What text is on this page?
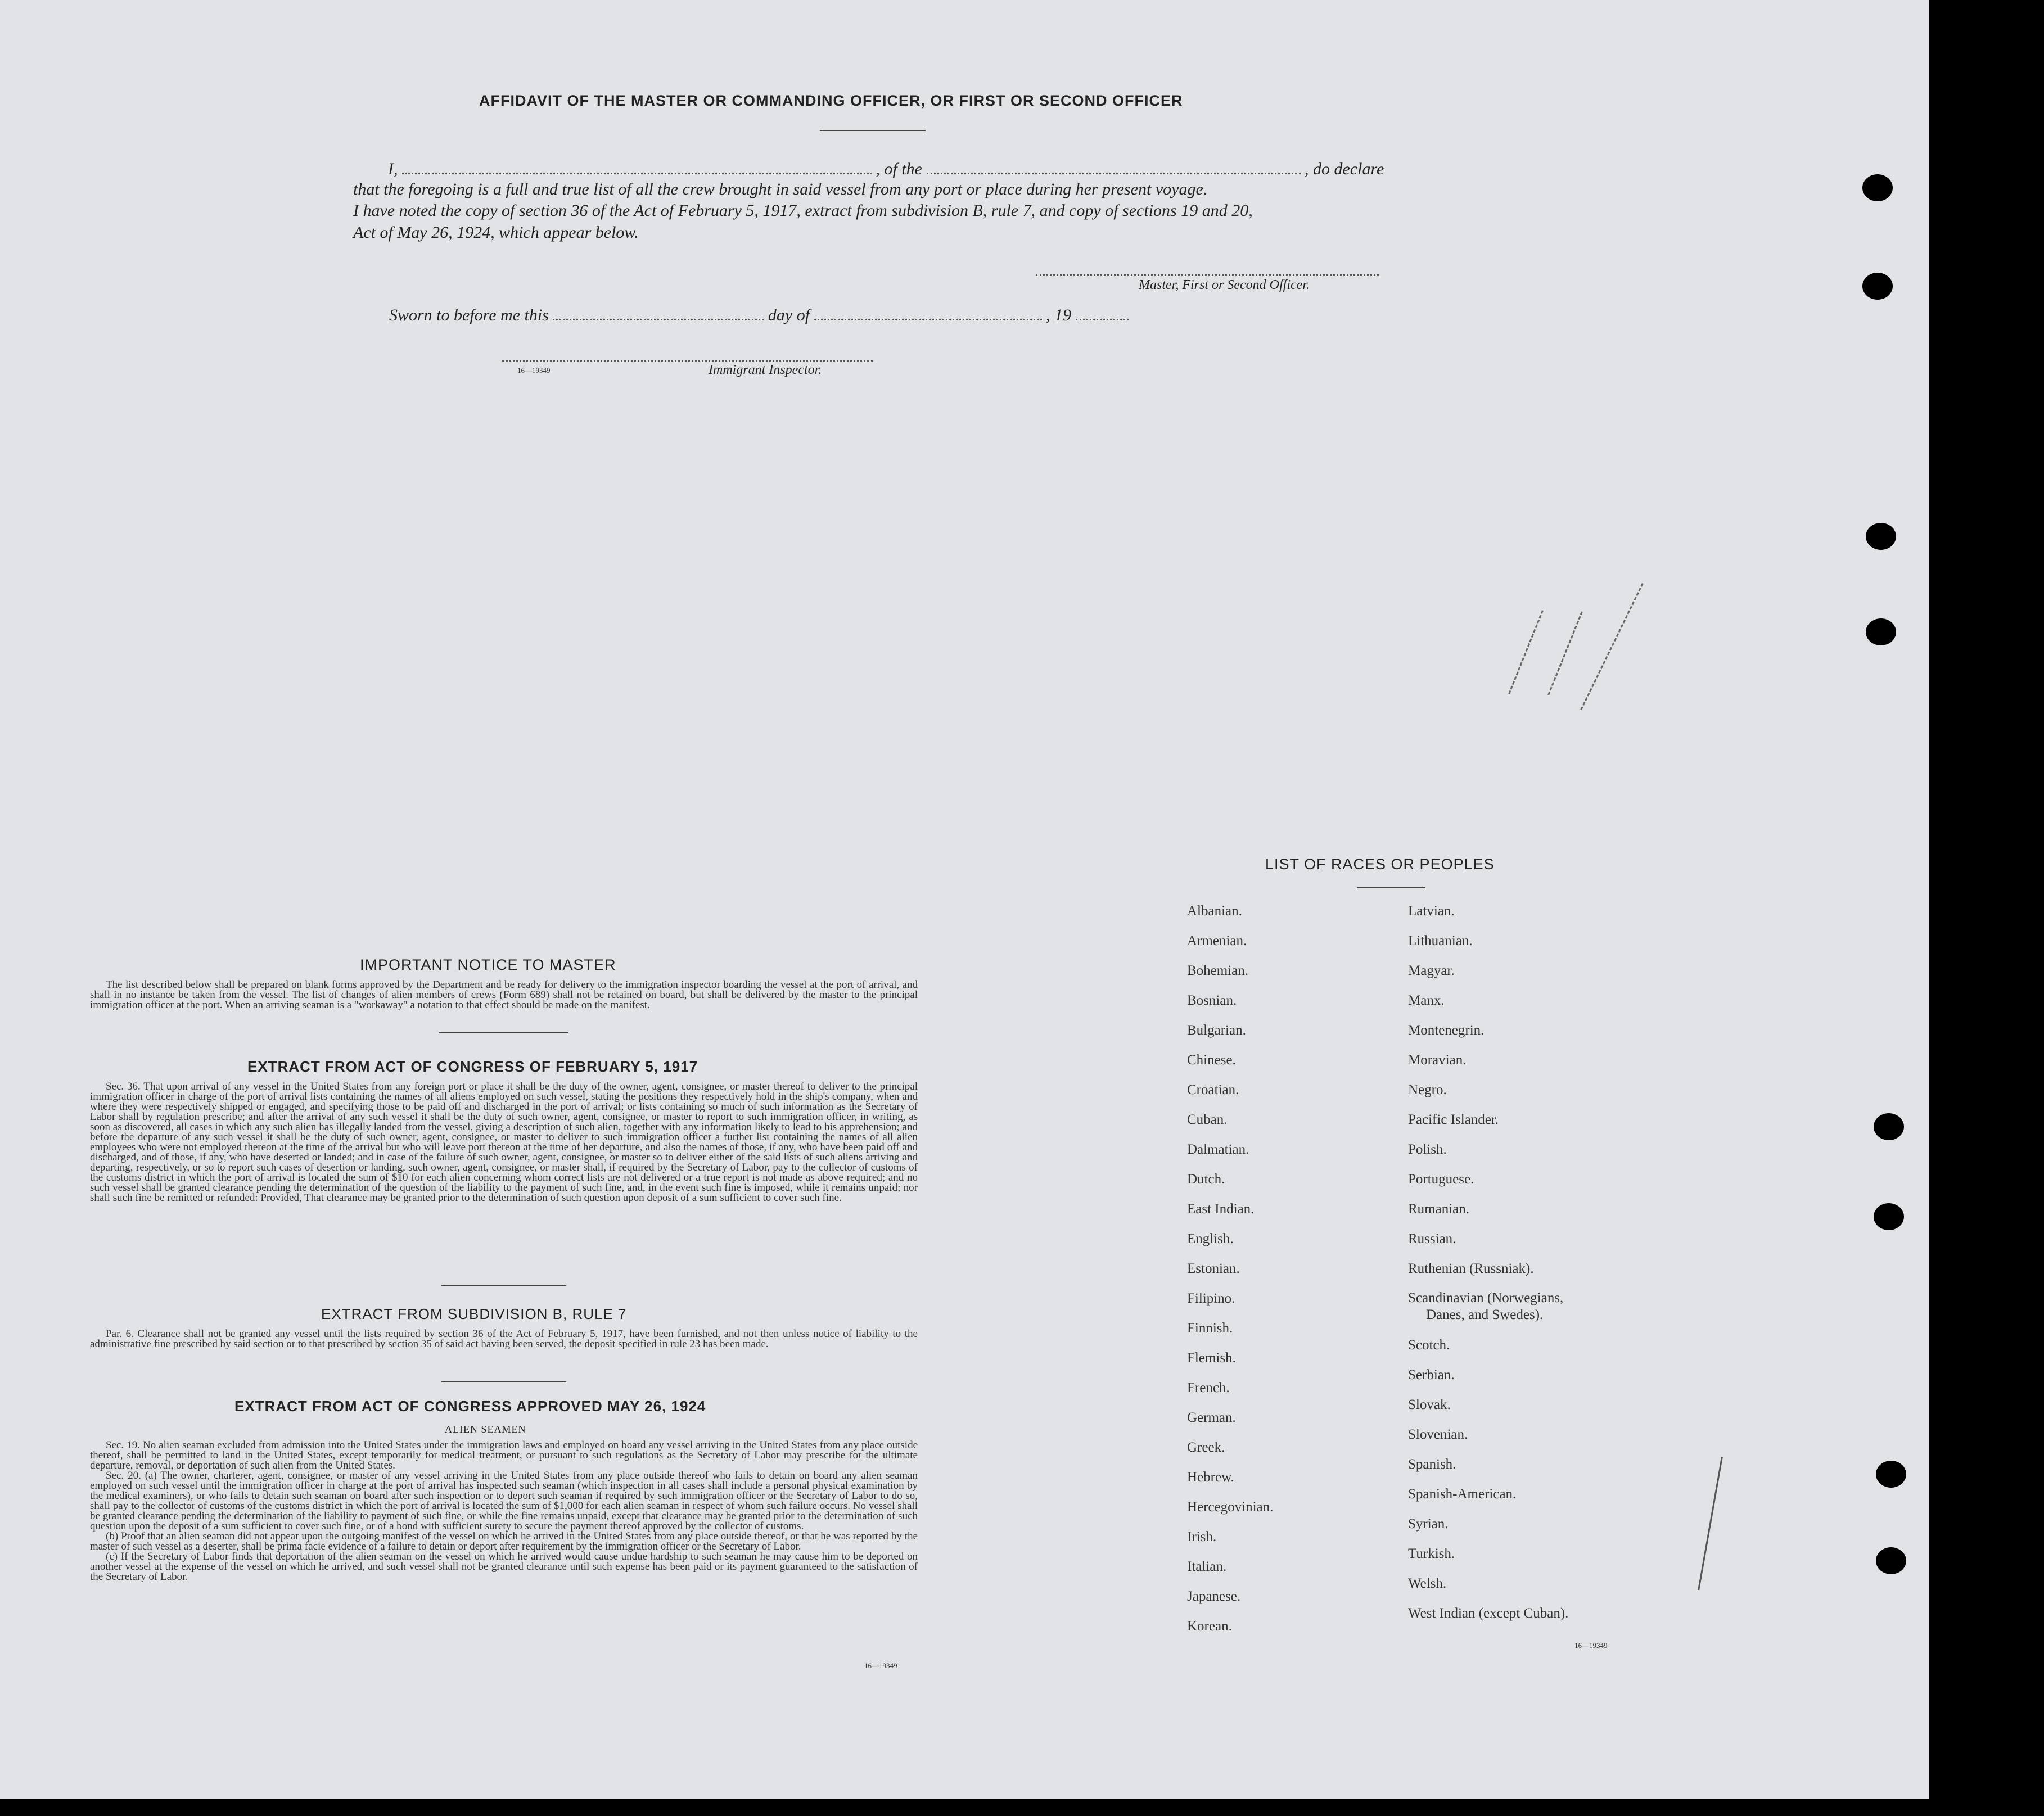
AFFIDAVIT OF THE MASTER OR COMMANDING OFFICER, OR FIRST OR SECOND OFFICER
I,	, of the	, do declare
that the foregoing is a full and true list of all the crew brought in said vessel from any port or place during her present voyage.
I have noted the copy of section 36 of the Act of February 5, 1917, extract from subdivision B, rule 7, and copy of sections 19 and 20,
Act of May 26, 1924, which appear below.
Master, First or Second Officer.
Sworn to before me this	day of	, 19
16—19349	Immigrant Inspector.
IMPORTANT NOTICE TO MASTER

The list described below shall be prepared on blank forms approved by the Department and be ready for delivery to the immigration inspector boarding the vessel at the port of arrival, and shall in no instance be taken from the vessel. The list of changes of alien members of crews (Form 689) shall not be retained on board, but shall be delivered by the master to the principal immigration officer at the port. When an arriving seaman is a "workaway" a notation to that effect should be made on the manifest.

EXTRACT FROM ACT OF CONGRESS OF FEBRUARY 5, 1917

Sec. 36. That upon arrival of any vessel in the United States from any foreign port or place it shall be the duty of the owner, agent, consignee, or master thereof to deliver to the principal immigration officer in charge of the port of arrival lists containing the names of all aliens employed on such vessel, stating the positions they respectively hold in the ship's company, when and where they were respectively shipped or engaged, and specifying those to be paid off and discharged in the port of arrival; or lists containing so much of such information as the Secretary of Labor shall by regulation prescribe; and after the arrival of any such vessel it shall be the duty of such owner, agent, consignee, or master to report to such immigration officer, in writing, as soon as discovered, all cases in which any such alien has illegally landed from the vessel, giving a description of such alien, together with any information likely to lead to his apprehension; and before the departure of any such vessel it shall be the duty of such owner, agent, consignee, or master to deliver to such immigration officer a further list containing the names of all alien employees who were not employed thereon at the time of the arrival but who will leave port thereon at the time of her departure, and also the names of those, if any, who have been paid off and discharged, and of those, if any, who have deserted or landed; and in case of the failure of such owner, agent, consignee, or master so to deliver either of the said lists of such aliens arriving and departing, respectively, or so to report such cases of desertion or landing, such owner, agent, consignee, or master shall, if required by the Secretary of Labor, pay to the collector of customs of the customs district in which the port of arrival is located the sum of $10 for each alien concerning whom correct lists are not delivered or a true report is not made as above required; and no such vessel shall be granted clearance pending the determination of the question of the liability to the payment of such fine, and, in the event such fine is imposed, while it remains unpaid; nor shall such fine be remitted or refunded: Provided, That clearance may be granted prior to the determination of such question upon deposit of a sum sufficient to cover such fine.

EXTRACT FROM SUBDIVISION B, RULE 7

Par. 6. Clearance shall not be granted any vessel until the lists required by section 36 of the Act of February 5, 1917, have been furnished, and not then unless notice of liability to the administrative fine prescribed by said section or to that prescribed by section 35 of said act having been served, the deposit specified in rule 23 has been made.

EXTRACT FROM ACT OF CONGRESS APPROVED MAY 26, 1924
ALIEN SEAMEN

Sec. 19. No alien seaman excluded from admission into the United States under the immigration laws and employed on board any vessel arriving in the United States from any place outside thereof, shall be permitted to land in the United States, except temporarily for medical treatment, or pursuant to such regulations as the Secretary of Labor may prescribe for the ultimate departure, removal, or deportation of such alien from the United States.

Sec. 20. (a) The owner, charterer, agent, consignee, or master of any vessel arriving in the United States from any place outside thereof who fails to detain on board any alien seaman employed on such vessel until the immigration officer in charge at the port of arrival has inspected such seaman (which inspection in all cases shall include a personal physical examination by the medical examiners), or who fails to detain such seaman on board after such inspection or to deport such seaman if required by such immigration officer or the Secretary of Labor to do so, shall pay to the collector of customs of the customs district in which the port of arrival is located the sum of $1,000 for each alien seaman in respect of whom such failure occurs. No vessel shall be granted clearance pending the determination of the liability to payment of such fine, or while the fine remains unpaid, except that clearance may be granted prior to the determination of such question upon the deposit of a sum sufficient to cover such fine, or of a bond with sufficient surety to secure the payment thereof approved by the collector of customs.

(b) Proof that an alien seaman did not appear upon the outgoing manifest of the vessel on which he arrived in the United States from any place outside thereof, or that he was reported by the master of such vessel as a deserter, shall be prima facie evidence of a failure to detain or deport after requirement by the immigration officer or the Secretary of Labor.

(c) If the Secretary of Labor finds that deportation of the alien seaman on the vessel on which he arrived would cause undue hardship to such seaman he may cause him to be deported on another vessel at the expense of the vessel on which he arrived, and such vessel shall not be granted clearance until such expense has been paid or its payment guaranteed to the satisfaction of the Secretary of Labor.

16—19349
LIST OF RACES OR PEOPLES
Albanian.
Armenian.
Bohemian.
Bosnian.
Bulgarian.
Chinese.
Croatian.
Cuban.
Dalmatian.
Dutch.
East Indian.
English.
Estonian.
Filipino.
Finnish.
Flemish.
French.
German.
Greek.
Hebrew.
Hercegovinian.
Irish.
Italian.
Japanese.
Korean.
Latvian.
Lithuanian.
Magyar.
Manx.
Montenegrin.
Moravian.
Negro.
Pacific Islander.
Polish.
Portuguese.
Rumanian.
Russian.
Ruthenian (Russniak).
Scandinavian (Norwegians,
Danes, and Swedes).
Scotch.
Serbian.
Slovak.
Slovenian.
Spanish.
Spanish-American.
Syrian.
Turkish.
Welsh.
West Indian (except Cuban).
16—19349
